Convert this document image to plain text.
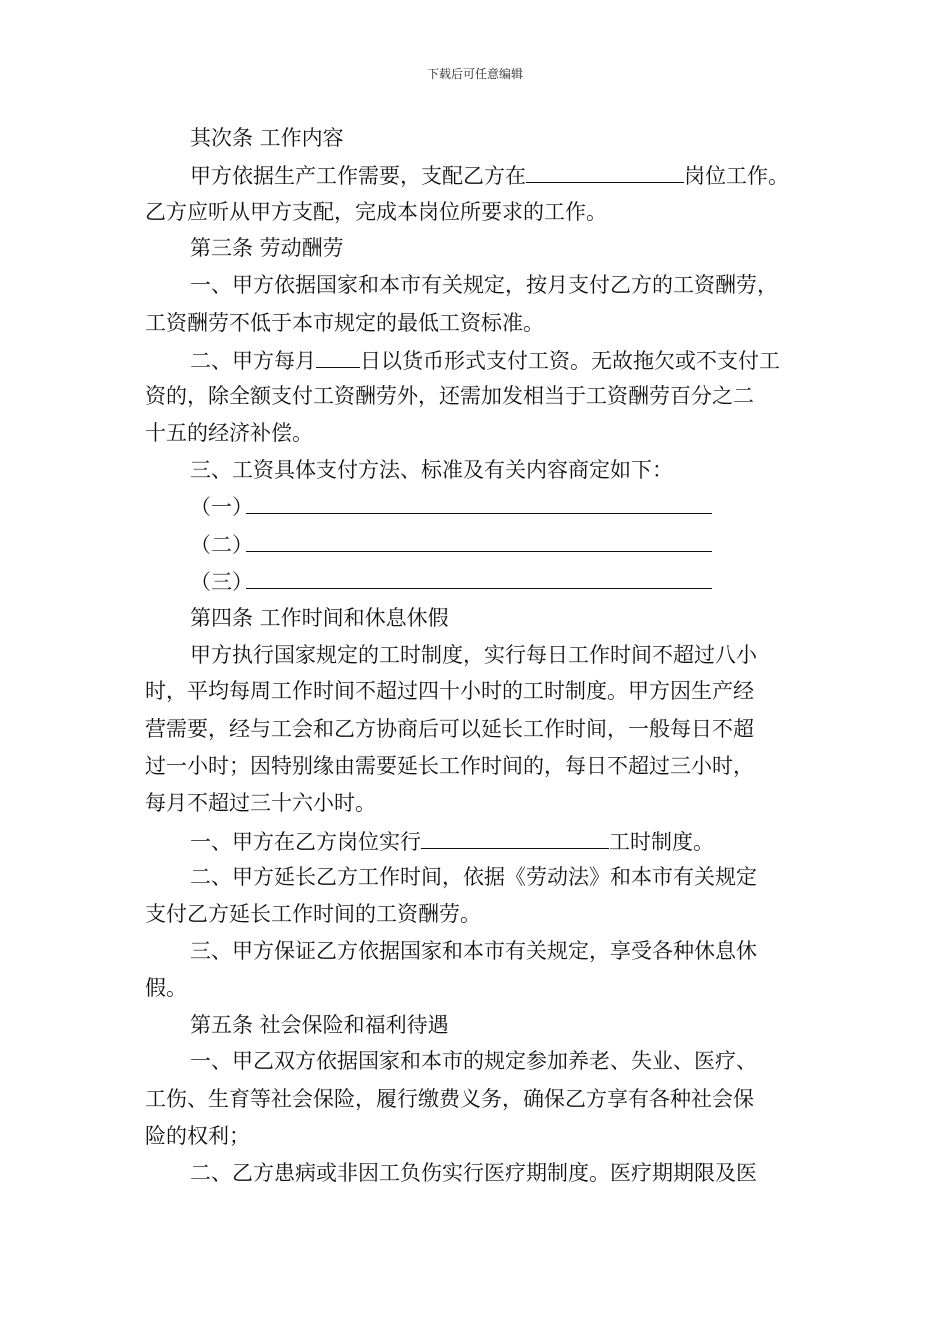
下载后可任意编辑
其次条 工作内容
甲方依据生产工作需要，支配乙方在	岗位工作。
乙方应听从甲方支配，完成本岗位所要求的工作。
第三条 劳动酬劳
一、甲方依据国家和本市有关规定，按月支付乙方的工资酬劳，
工资酬劳不低于本市规定的最低工资标准。
二、甲方每月 日以货币形式支付工资。无故拖欠或不支付工
资的，除全额支付工资酬劳外，还需加发相当于工资酬劳百分之二
十五的经济补偿。
三、工资具体支付方法、标准及有关内容商定如下：
（一）
（二）
（三）
第四条 工作时间和休息休假
甲方执行国家规定的工时制度，实行每日工作时间不超过八小
时，平均每周工作时间不超过四十小时的工时制度。甲方因生产经
营需要，经与工会和乙方协商后可以延长工作时间，一般每日不超
过一小时；因特别缘由需要延长工作时间的，每日不超过三小时，
每月不超过三十六小时。
一、甲方在乙方岗位实行	工时制度。
二、甲方延长乙方工作时间，依据《劳动法》和本市有关规定
支付乙方延长工作时间的工资酬劳。
三、甲方保证乙方依据国家和本市有关规定，享受各种休息休
假。
第五条 社会保险和福利待遇
一、甲乙双方依据国家和本市的规定参加养老、失业、医疗、
工伤、生育等社会保险，履行缴费义务，确保乙方享有各种社会保
险的权利；
二、乙方患病或非因工负伤实行医疗期制度。医疗期期限及医
